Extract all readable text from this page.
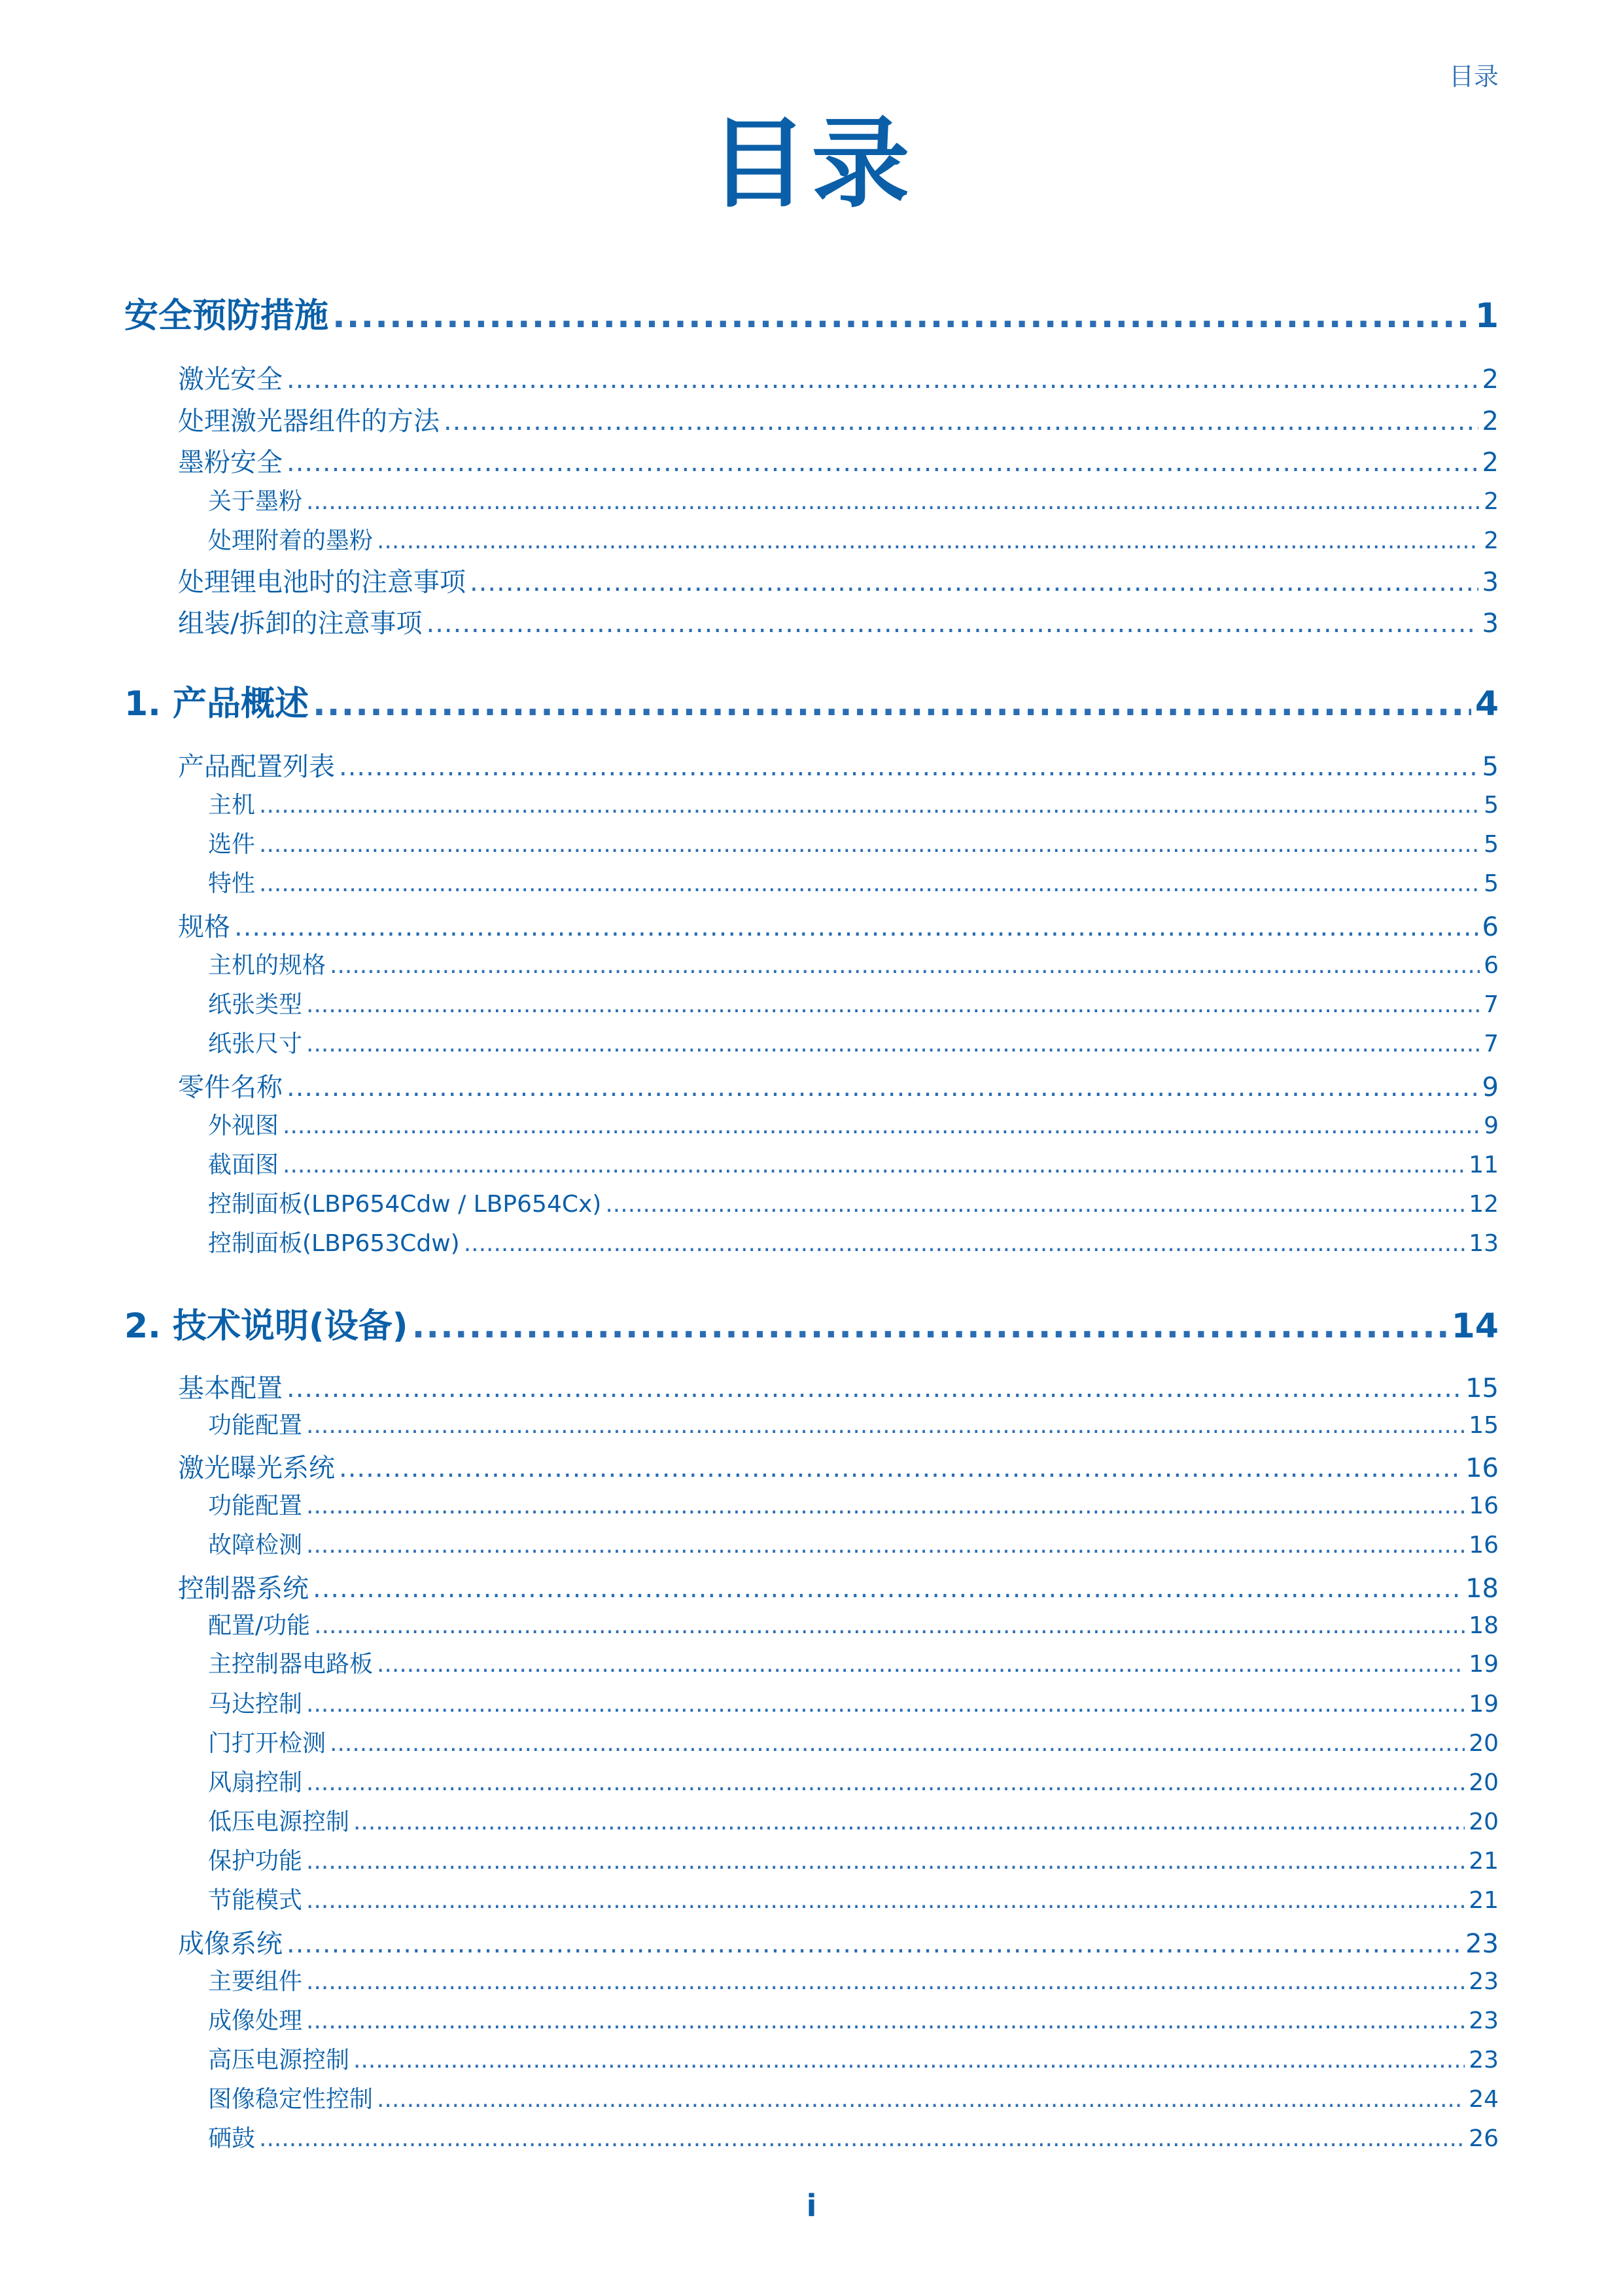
目录
目录
安全预防措施 .....	1
激光安全 .....	2
处理激光器组件的方法 .....	2
墨粉安全 .....	2
关于墨粉 .....	2
处理附着的墨粉 .....	2
处理锂电池时的注意事项 .....	3
组装/拆卸的注意事项 .....	3
1. 产品概述 .....	4
产品配置列表 .....	5
主机 .....	5
选件 .....	5
特性 .....	5
规格 .....	6
主机的规格 .....	6
纸张类型 .....	7
纸张尺寸 .....	7
零件名称 .....	9
外视图 .....	9
截面图 .....	11
控制面板(LBP654Cdw / LBP654Cx) .....	12
控制面板(LBP653Cdw) .....	13
2. 技术说明(设备) .....	14
基本配置 .....	15
功能配置 .....	15
激光曝光系统 .....	16
功能配置 .....	16
故障检测 .....	16
控制器系统 .....	18
配置/功能 .....	18
主控制器电路板 .....	19
马达控制 .....	19
门打开检测 .....	20
风扇控制 .....	20
低压电源控制 .....	20
保护功能 .....	21
节能模式 .....	21
成像系统 .....	23
主要组件 .....	23
成像处理 .....	23
高压电源控制 .....	23
图像稳定性控制 .....	24
硒鼓 .....	26
i
